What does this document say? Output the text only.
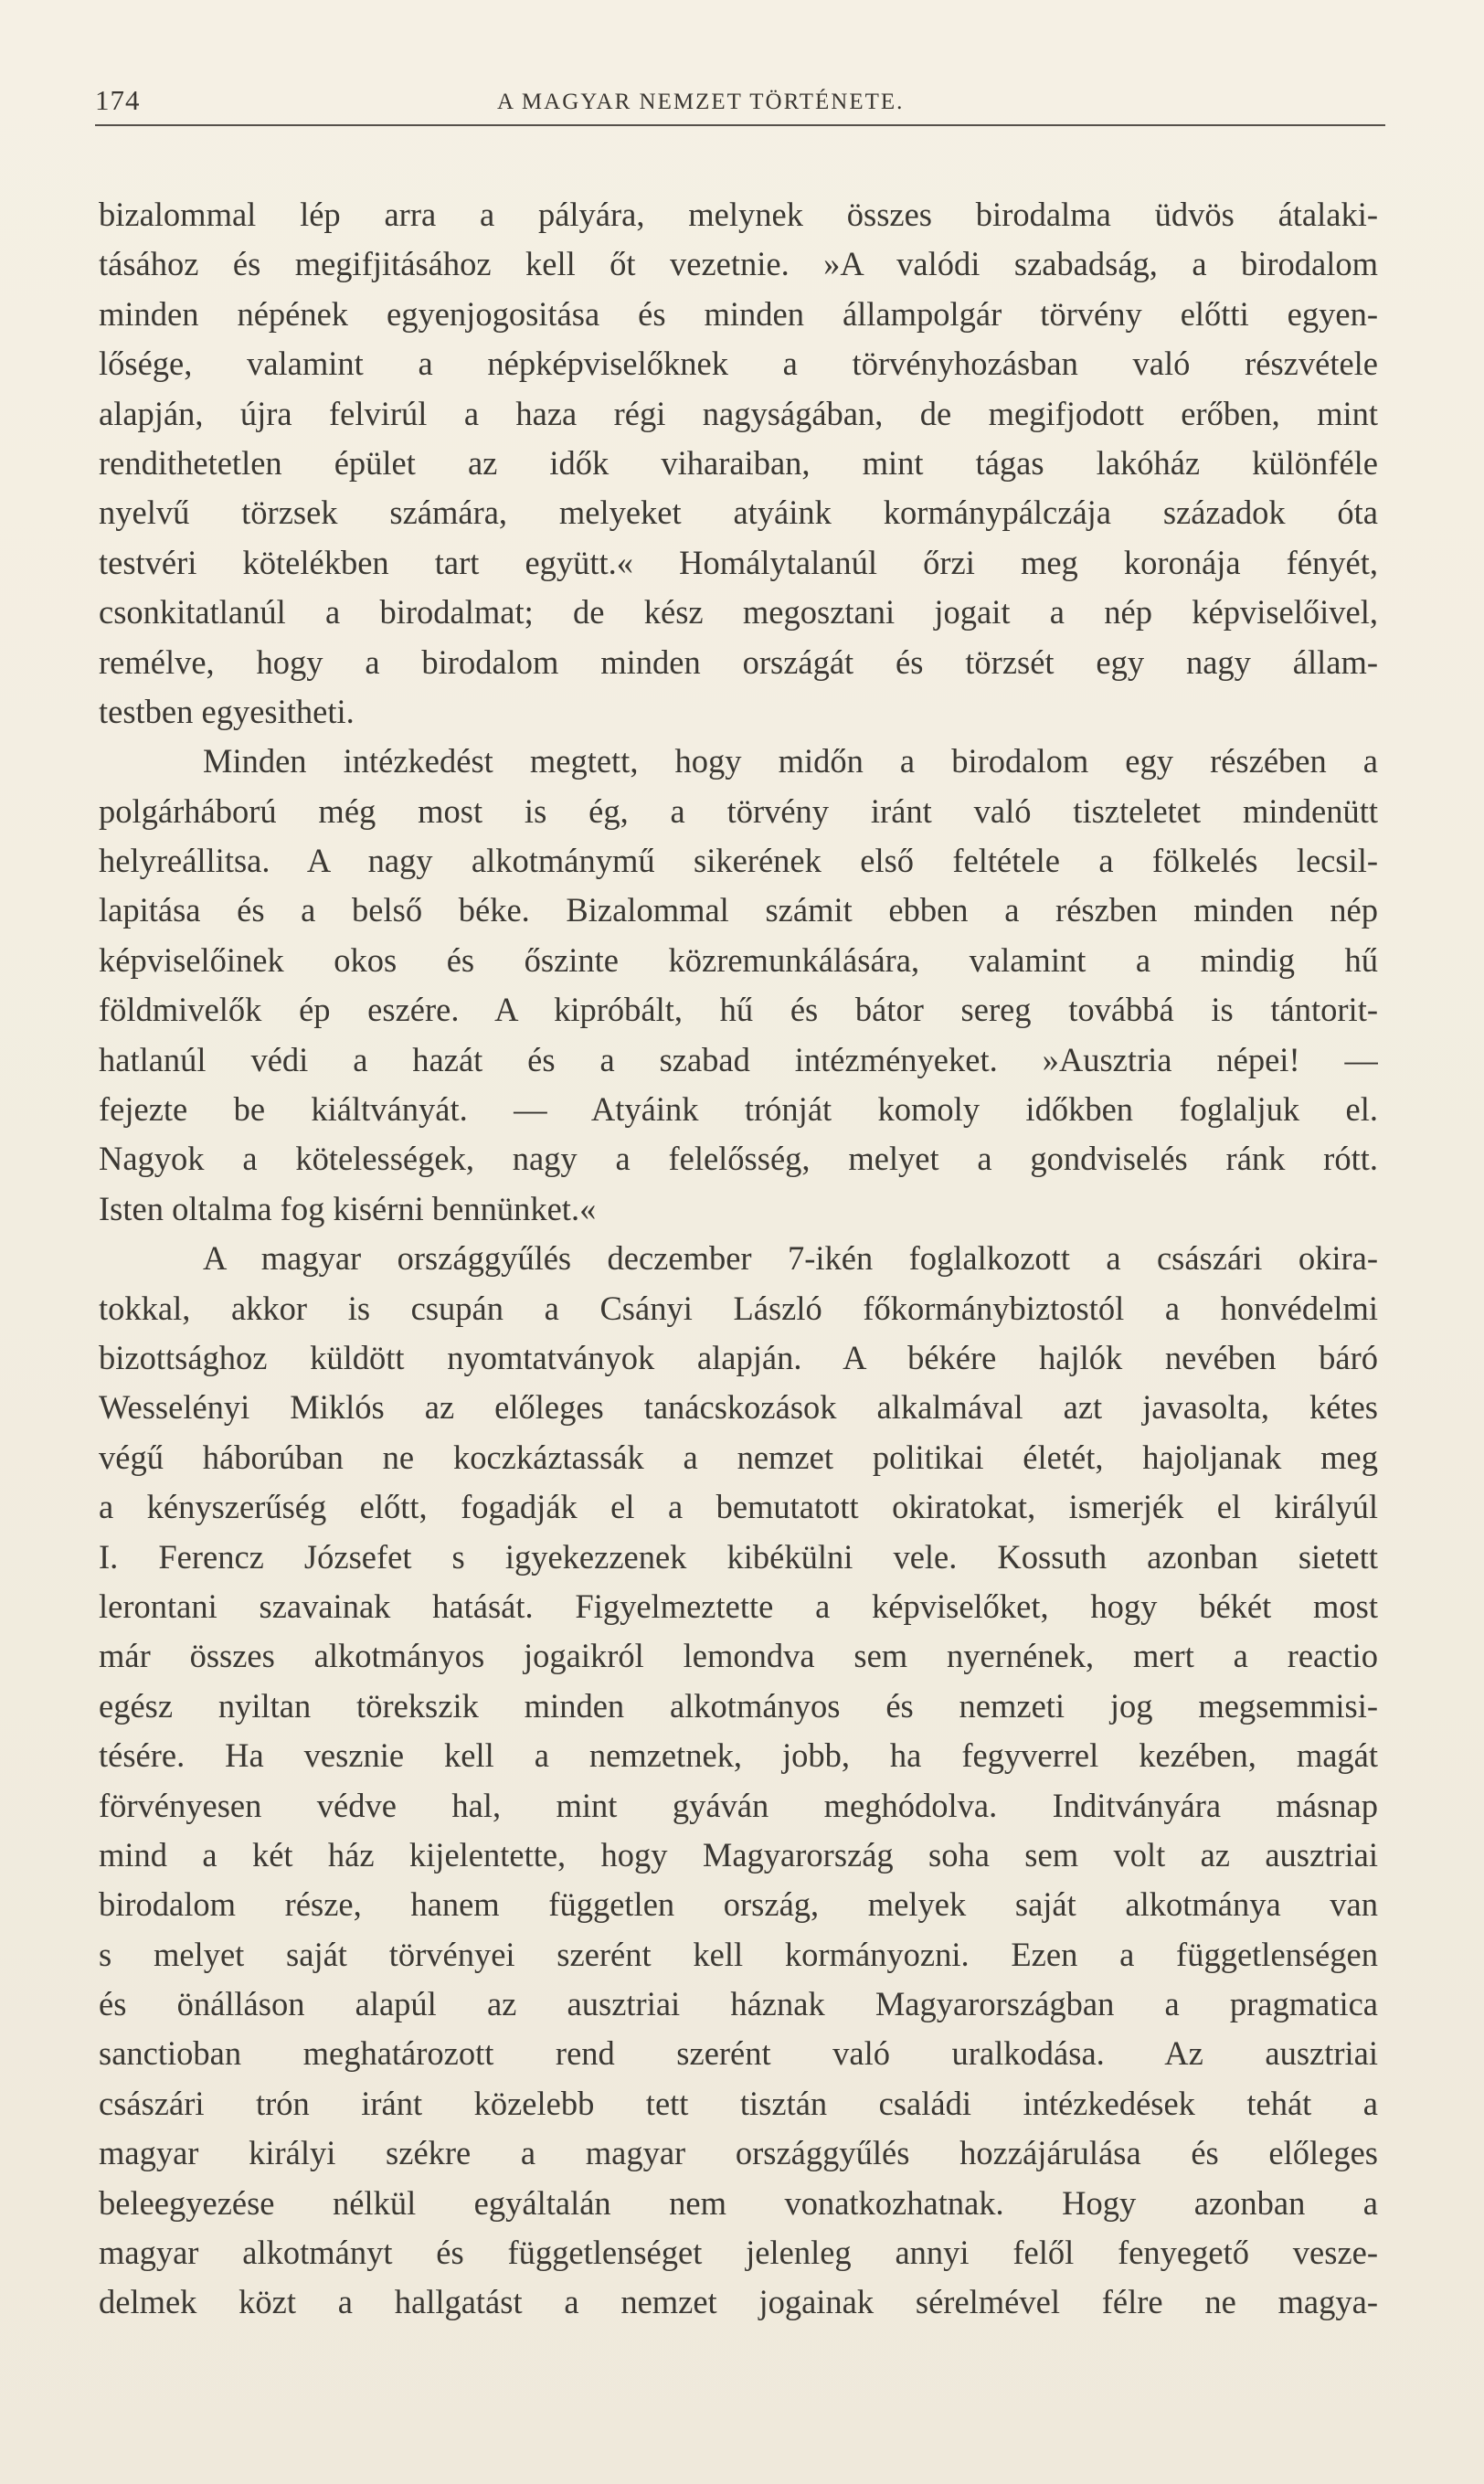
174	A MAGYAR NEMZET TÖRTÉNETE.
bizalommal lép arra a pályára, melynek összes birodalma üdvös átalaki-
tásához és megifjitásához kell őt vezetnie. »A valódi szabadság, a birodalom
minden népének egyenjogositása és minden állampolgár törvény előtti egyen-
lősége, valamint a népképviselőknek a törvényhozásban való részvétele
alapján, újra felvirúl a haza régi nagyságában, de megifjodott erőben, mint
rendithetetlen épület az idők viharaiban, mint tágas lakóház különféle
nyelvű törzsek számára, melyeket atyáink kormánypálczája századok óta
testvéri kötelékben tart együtt.« Homálytalanúl őrzi meg koronája fényét,
csonkitatlanúl a birodalmat; de kész megosztani jogait a nép képviselőivel,
remélve, hogy a birodalom minden országát és törzsét egy nagy állam-
testben egyesitheti.
Minden intézkedést megtett, hogy midőn a birodalom egy részében a
polgárháború még most is ég, a törvény iránt való tiszteletet mindenütt
helyreállitsa. A nagy alkotmánymű sikerének első feltétele a fölkelés lecsil-
lapitása és a belső béke. Bizalommal számit ebben a részben minden nép
képviselőinek okos és őszinte közremunkálására, valamint a mindig hű
földmivelők ép eszére. A kipróbált, hű és bátor sereg továbbá is tántorit-
hatlanúl védi a hazát és a szabad intézményeket. »Ausztria népei! —
fejezte be kiáltványát. — Atyáink trónját komoly időkben foglaljuk el.
Nagyok a kötelességek, nagy a felelősség, melyet a gondviselés ránk rótt.
Isten oltalma fog kisérni bennünket.«
A magyar országgyűlés deczember 7-ikén foglalkozott a császári okira-
tokkal, akkor is csupán a Csányi László főkormánybiztostól a honvédelmi
bizottsághoz küldött nyomtatványok alapján. A békére hajlók nevében báró
Wesselényi Miklós az előleges tanácskozások alkalmával azt javasolta, kétes
végű háborúban ne koczkáztassák a nemzet politikai életét, hajoljanak meg
a kényszerűség előtt, fogadják el a bemutatott okiratokat, ismerjék el királyúl
I. Ferencz Józsefet s igyekezzenek kibékülni vele. Kossuth azonban sietett
lerontani szavainak hatását. Figyelmeztette a képviselőket, hogy békét most
már összes alkotmányos jogaikról lemondva sem nyernének, mert a reactio
egész nyiltan törekszik minden alkotmányos és nemzeti jog megsemmisi-
tésére. Ha vesznie kell a nemzetnek, jobb, ha fegyverrel kezében, magát
förvényesen védve hal, mint gyáván meghódolva. Inditványára másnap
mind a két ház kijelentette, hogy Magyarország soha sem volt az ausztriai
birodalom része, hanem független ország, melyek saját alkotmánya van
s melyet saját törvényei szerént kell kormányozni. Ezen a függetlenségen
és önálláson alapúl az ausztriai háznak Magyarországban a pragmatica
sanctioban meghatározott rend szerént való uralkodása. Az ausztriai
császári trón iránt közelebb tett tisztán családi intézkedések tehát a
magyar királyi székre a magyar országgyűlés hozzájárulása és előleges
beleegyezése nélkül egyáltalán nem vonatkozhatnak. Hogy azonban a
magyar alkotmányt és függetlenséget jelenleg annyi felől fenyegető vesze-
delmek közt a hallgatást a nemzet jogainak sérelmével félre ne magya-
